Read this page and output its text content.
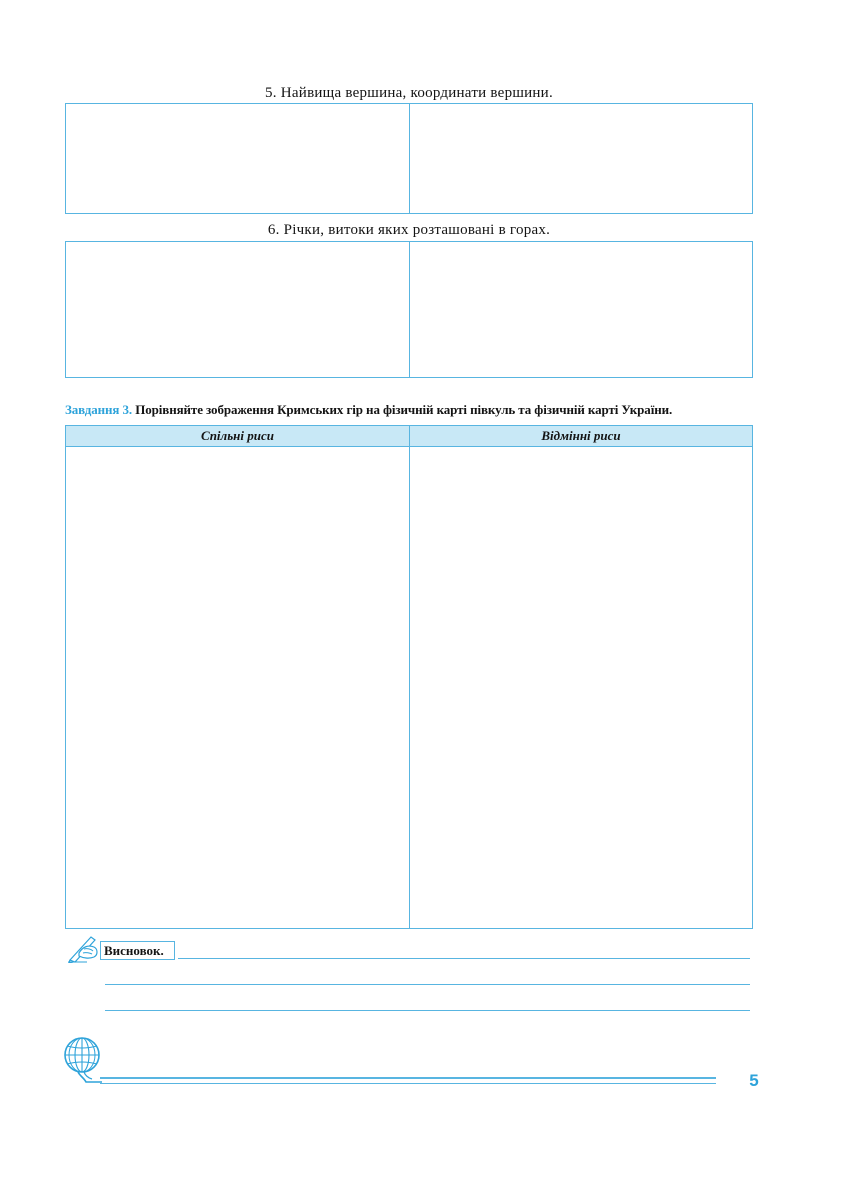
5. Найвища вершина, координати вершини.
6. Річки, витоки яких розташовані в горах.
Завдання 3. Порівняйте зображення Кримських гір на фізичній карті півкуль та фізичній карті України.
Спільні риси	Відмінні риси
Висновок.
5
